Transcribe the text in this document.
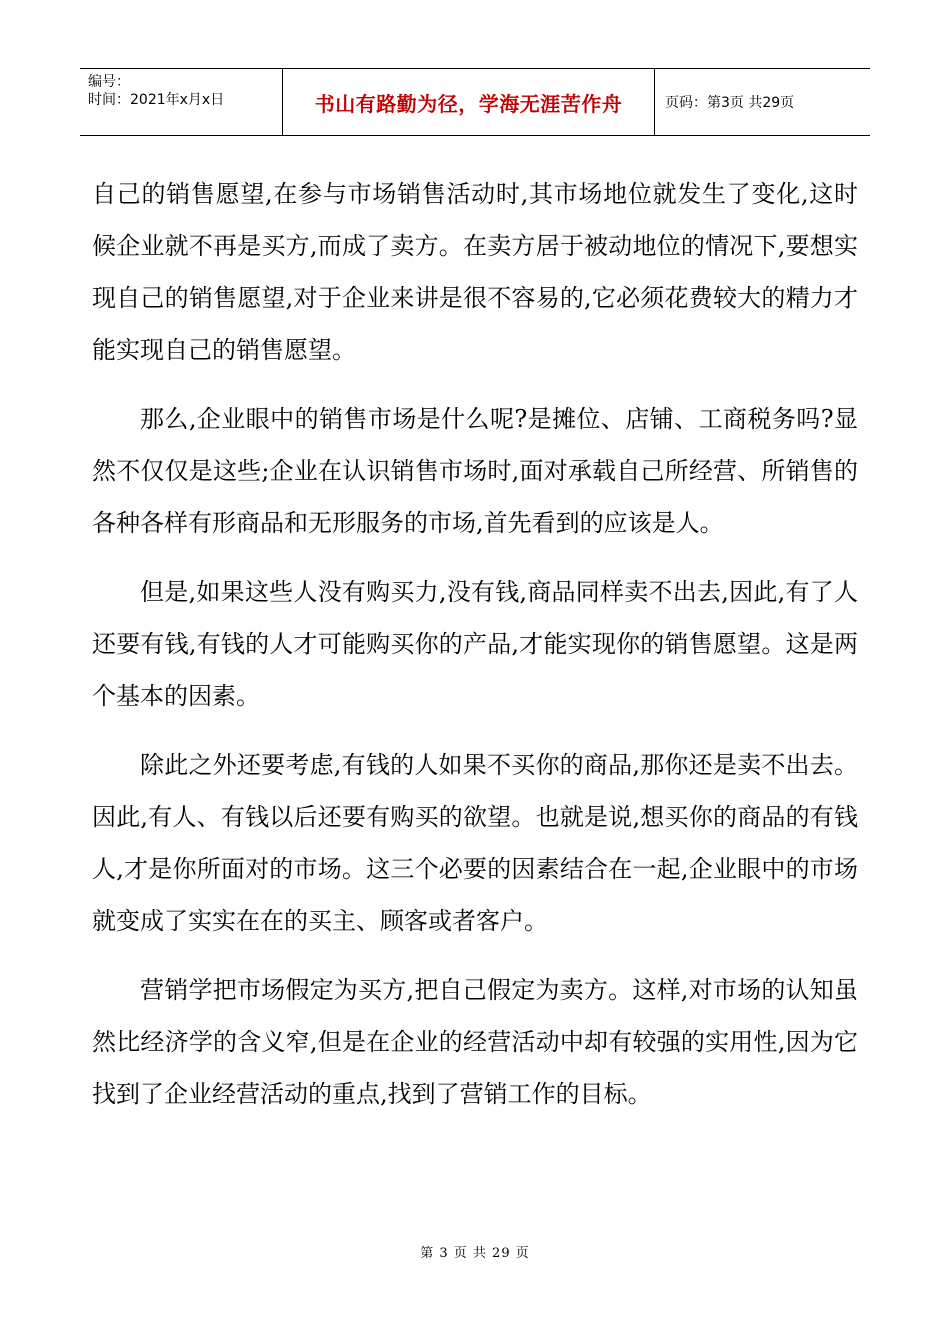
编号：
时间：2021年x月x日	书山有路勤为径，学海无涯苦作舟	页码：第3页 共29页

自己的销售愿望,在参与市场销售活动时,其市场地位就发生了变化,这时候企业就不再是买方,而成了卖方。在卖方居于被动地位的情况下,要想实现自己的销售愿望,对于企业来讲是很不容易的,它必须花费较大的精力才能实现自己的销售愿望。

那么,企业眼中的销售市场是什么呢?是摊位、店铺、工商税务吗?显然不仅仅是这些;企业在认识销售市场时,面对承载自己所经营、所销售的各种各样有形商品和无形服务的市场,首先看到的应该是人。

但是,如果这些人没有购买力,没有钱,商品同样卖不出去,因此,有了人还要有钱,有钱的人才可能购买你的产品,才能实现你的销售愿望。这是两个基本的因素。

除此之外还要考虑,有钱的人如果不买你的商品,那你还是卖不出去。因此,有人、有钱以后还要有购买的欲望。也就是说,想买你的商品的有钱人,才是你所面对的市场。这三个必要的因素结合在一起,企业眼中的市场就变成了实实在在的买主、顾客或者客户。

营销学把市场假定为买方,把自己假定为卖方。这样,对市场的认知虽然比经济学的含义窄,但是在企业的经营活动中却有较强的实用性,因为它找到了企业经营活动的重点,找到了营销工作的目标。

第 3 页 共 29 页
